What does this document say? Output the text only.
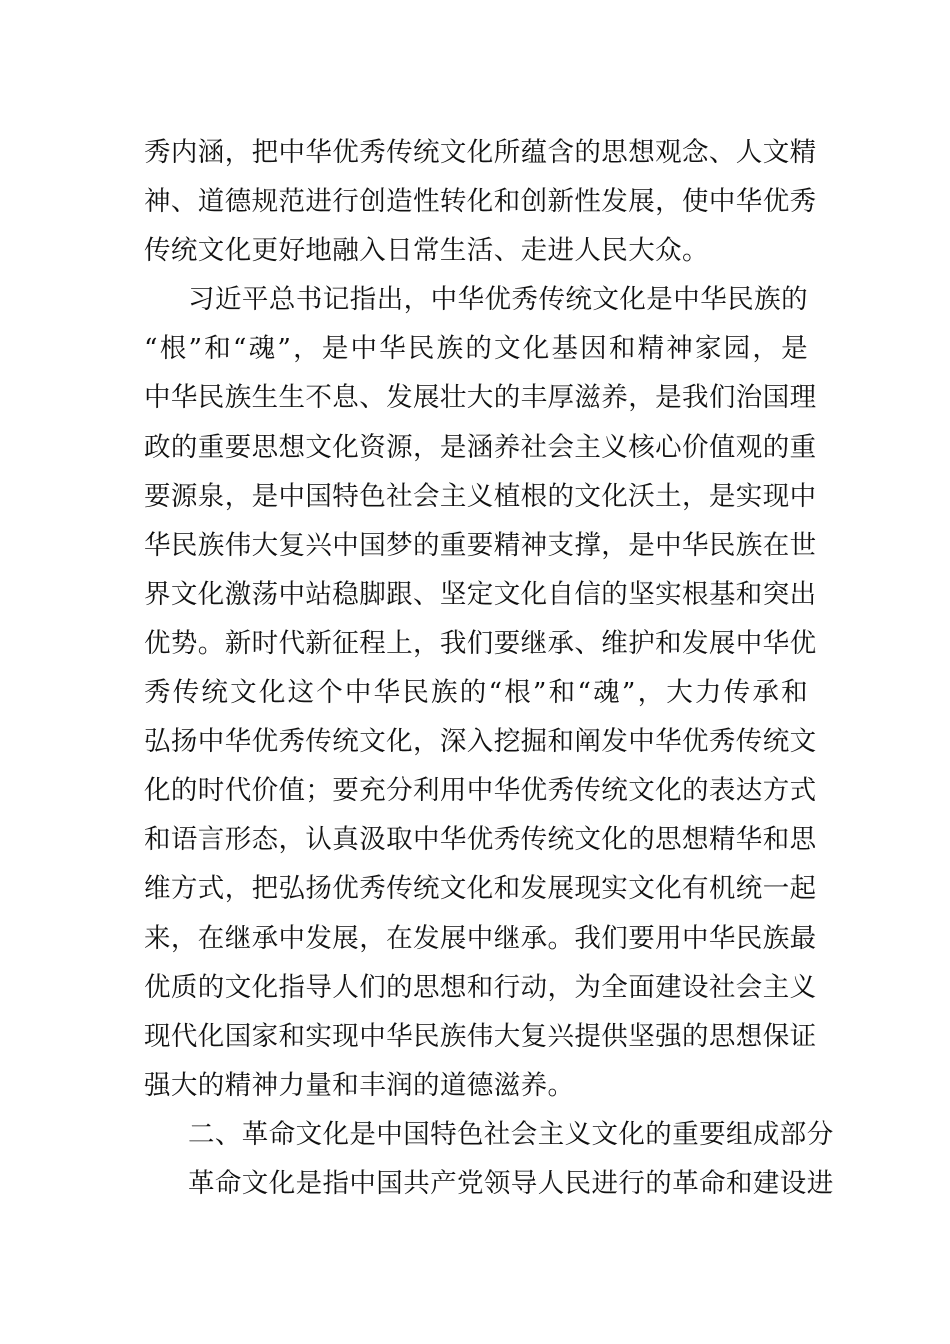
秀内涵，把中华优秀传统文化所蕴含的思想观念、人文精
神、道德规范进行创造性转化和创新性发展，使中华优秀
传统文化更好地融入日常生活、走进人民大众。
习近平总书记指出，中华优秀传统文化是中华民族的
“根”和“魂”，是中华民族的文化基因和精神家园，是
中华民族生生不息、发展壮大的丰厚滋养，是我们治国理
政的重要思想文化资源，是涵养社会主义核心价值观的重
要源泉，是中国特色社会主义植根的文化沃土，是实现中
华民族伟大复兴中国梦的重要精神支撑，是中华民族在世
界文化激荡中站稳脚跟、坚定文化自信的坚实根基和突出
优势。新时代新征程上，我们要继承、维护和发展中华优
秀传统文化这个中华民族的“根”和“魂”，大力传承和
弘扬中华优秀传统文化，深入挖掘和阐发中华优秀传统文
化的时代价值；要充分利用中华优秀传统文化的表达方式
和语言形态，认真汲取中华优秀传统文化的思想精华和思
维方式，把弘扬优秀传统文化和发展现实文化有机统一起
来，在继承中发展，在发展中继承。我们要用中华民族最
优质的文化指导人们的思想和行动，为全面建设社会主义
现代化国家和实现中华民族伟大复兴提供坚强的思想保证
强大的精神力量和丰润的道德滋养。
二、革命文化是中国特色社会主义文化的重要组成部分
革命文化是指中国共产党领导人民进行的革命和建设进
